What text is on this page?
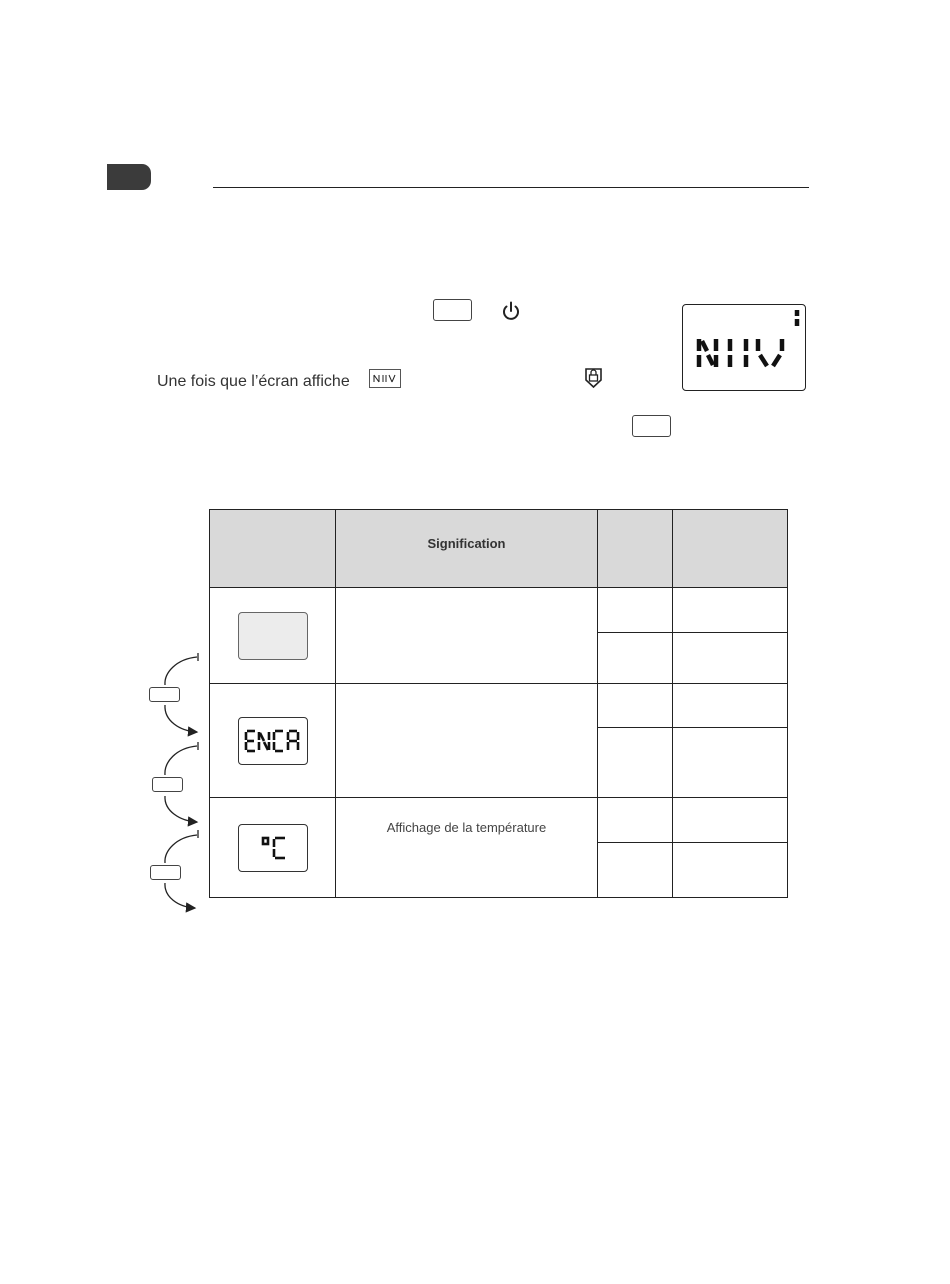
Une fois que l’écran affiche
	Signification		

	Affichage de la température		
